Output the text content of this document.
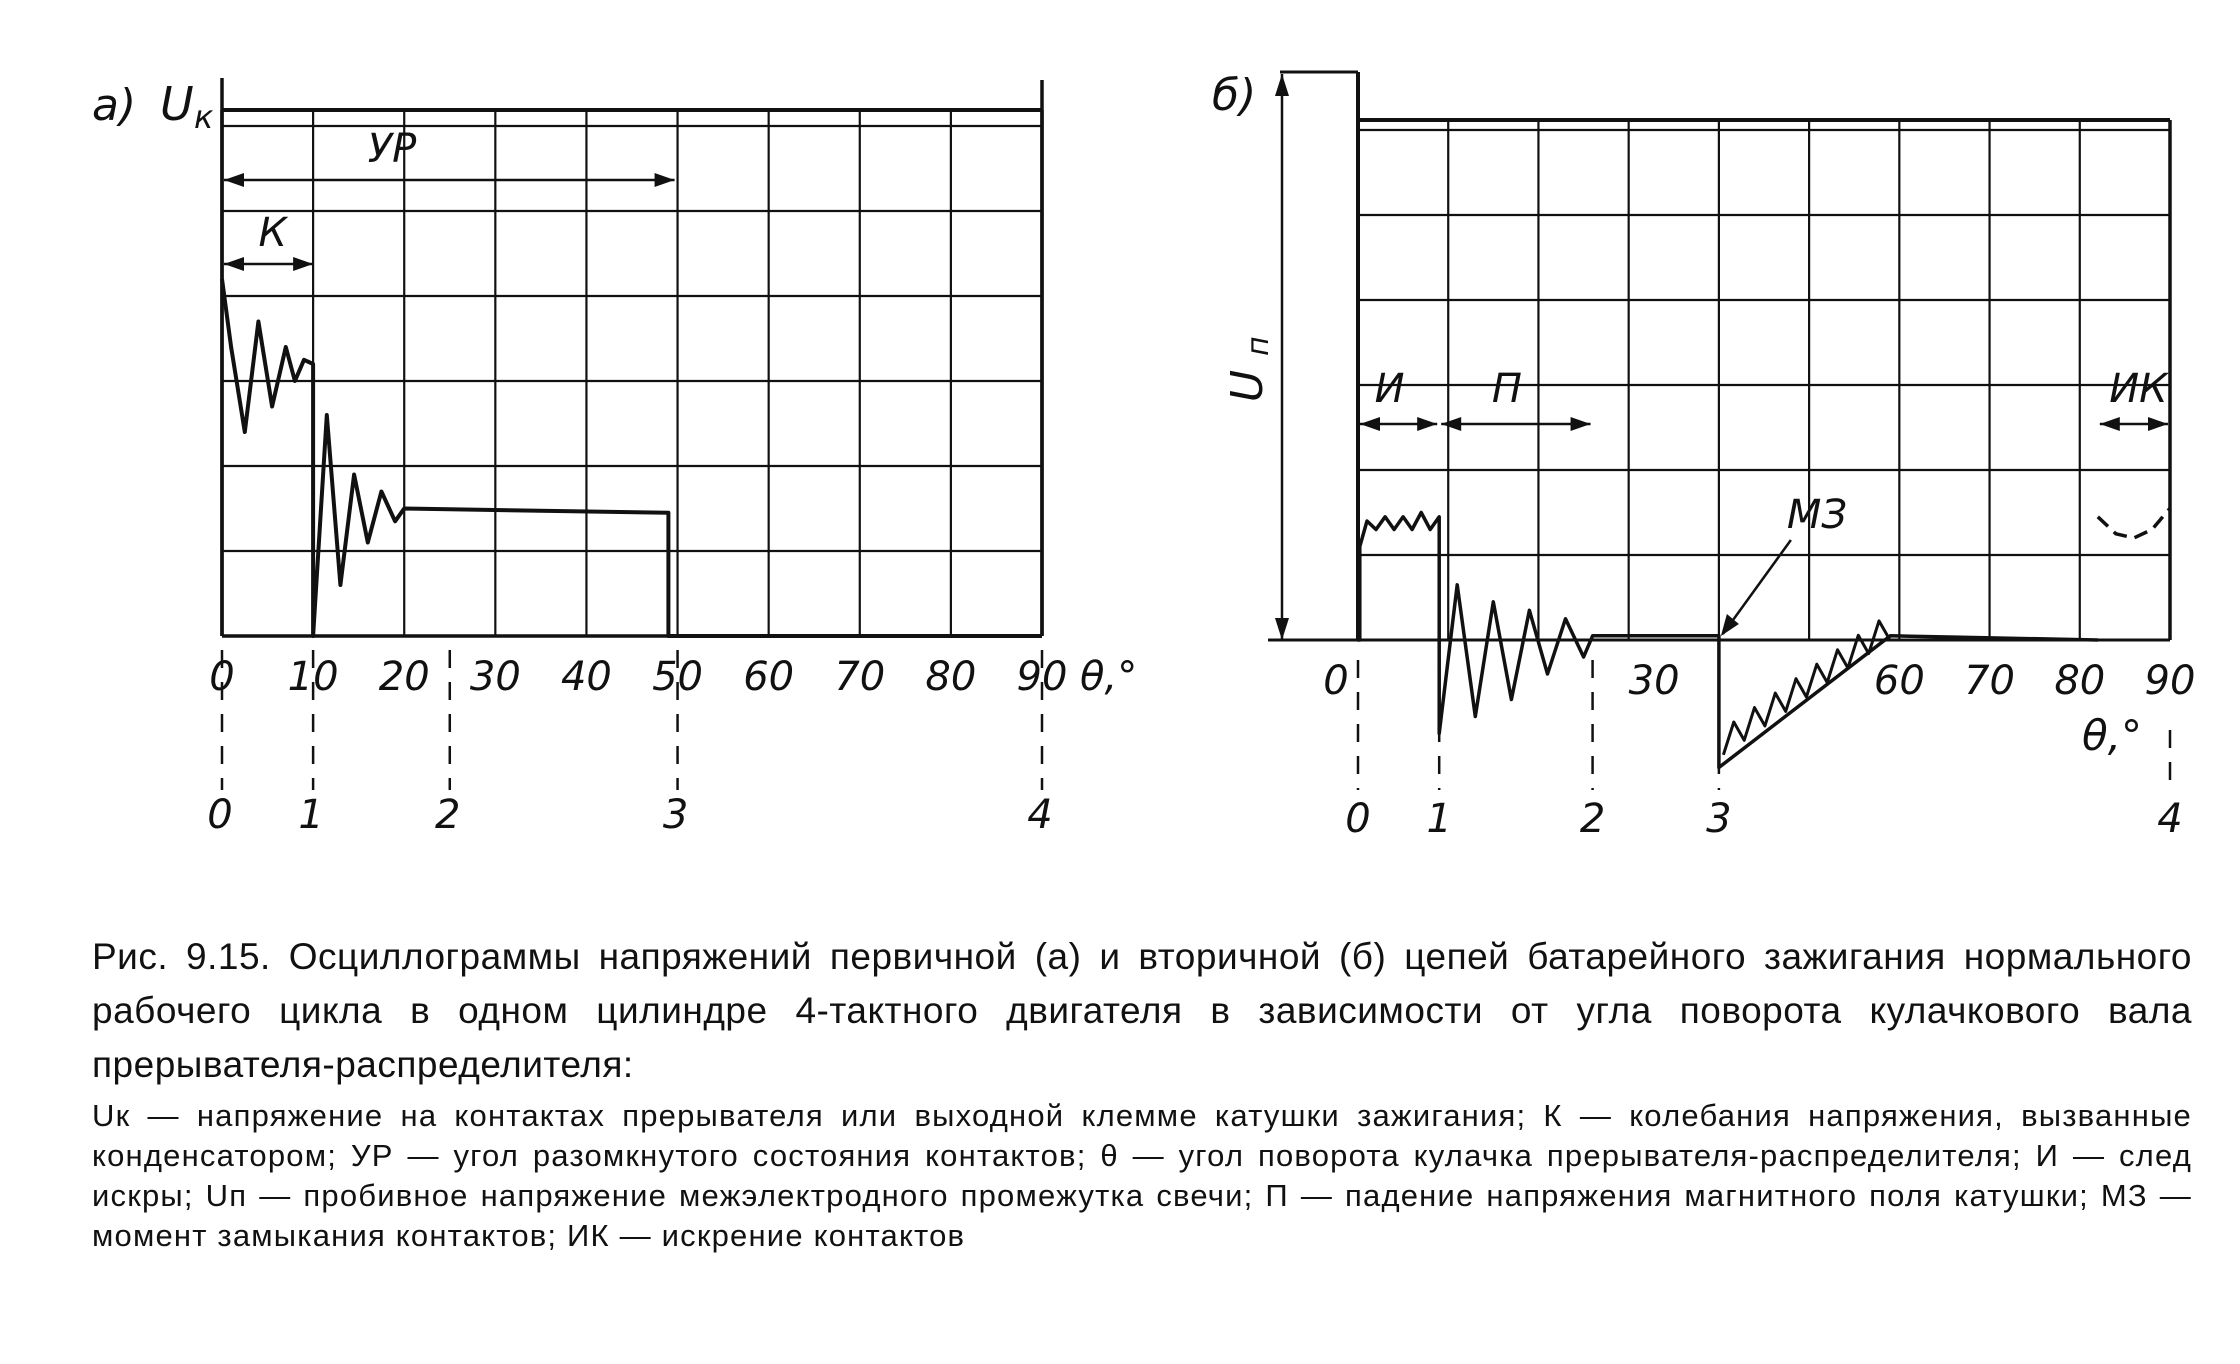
а) U к
УР
К
0 10 20 30 40 50 60 70 80 90 θ,°
0 1	2	3	4
U
п
б)
И П	ИК
МЗ
0	30	60 70 80 90
θ,°
0 1	2	3	4
Рис. 9.15. Осциллограммы напряжений первичной (а) и вторичной (б) цепей батарейного зажигания нормального рабочего цикла в одном цилиндре 4-тактного двигателя в зависимости от угла поворота кулачкового вала прерывателя-распределителя:
Uк — напряжение на контактах прерывателя или выходной клемме катушки зажигания; К — колебания напряжения, вызванные конденсатором; УР — угол разомкнутого состояния контактов; θ — угол поворота кулачка прерывателя-распределителя; И — след искры; Uп — пробивное напряжение межэлектродного промежутка свечи; П — падение напряжения магнитного поля катушки; МЗ — момент замыкания контактов; ИК — искрение контактов
